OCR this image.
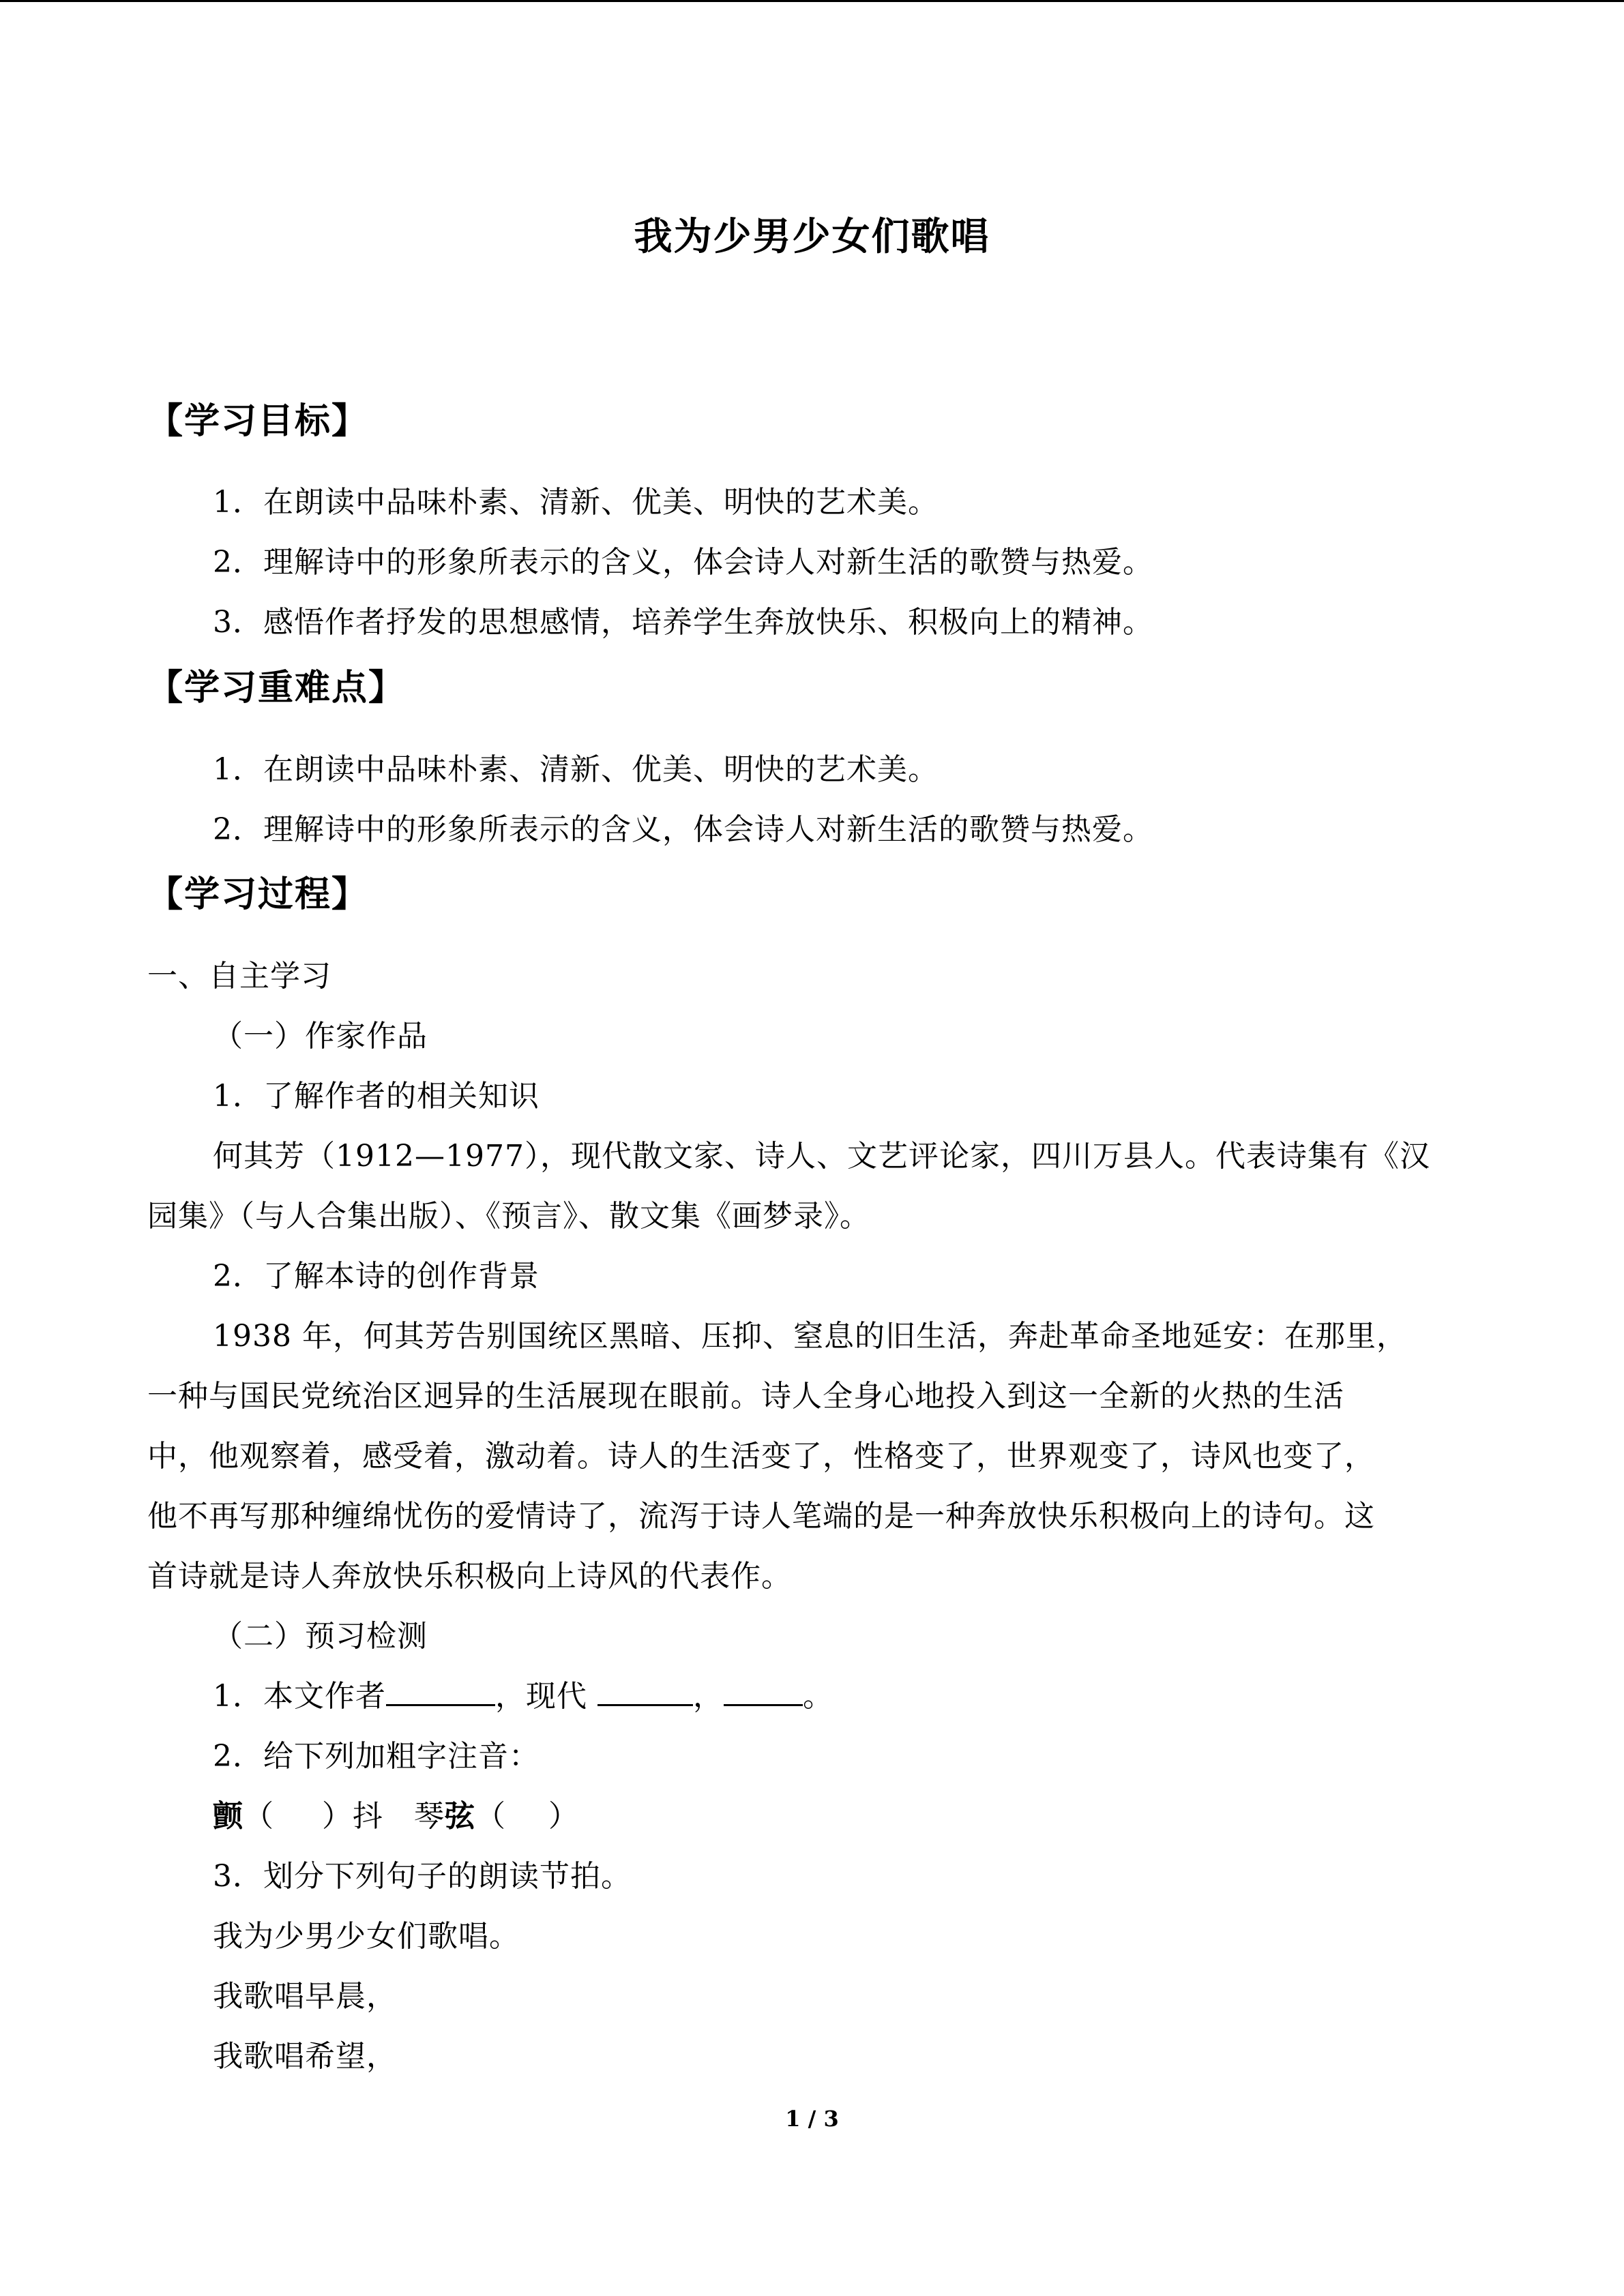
我为少男少女们歌唱
【学习目标】
1．在朗读中品味朴素、清新、优美、明快的艺术美。
2．理解诗中的形象所表示的含义，体会诗人对新生活的歌赞与热爱。
3．感悟作者抒发的思想感情，培养学生奔放快乐、积极向上的精神。
【学习重难点】
1．在朗读中品味朴素、清新、优美、明快的艺术美。
2．理解诗中的形象所表示的含义，体会诗人对新生活的歌赞与热爱。
【学习过程】
一、自主学习
（一）作家作品
1．了解作者的相关知识
何其芳（1912—1977），现代散文家、诗人、文艺评论家，四川万县人。代表诗集有《汉
园集》（与人合集出版）、《预言》、散文集《画梦录》。
2．了解本诗的创作背景
1938 年，何其芳告别国统区黑暗、压抑、窒息的旧生活，奔赴革命圣地延安：在那里，
一种与国民党统治区迥异的生活展现在眼前。诗人全身心地投入到这一全新的火热的生活
中，他观察着，感受着，激动着。诗人的生活变了，性格变了，世界观变了，诗风也变了，
他不再写那种缠绵忧伤的爱情诗了，流泻于诗人笔端的是一种奔放快乐积极向上的诗句。这
首诗就是诗人奔放快乐积极向上诗风的代表作。
（二）预习检测
1．本文作者	，现代	，	。
2．给下列加粗字注音：
颤（ ）抖　琴弦（ ）
3．划分下列句子的朗读节拍。
我为少男少女们歌唱。
我歌唱早晨，
我歌唱希望，
1 / 3
